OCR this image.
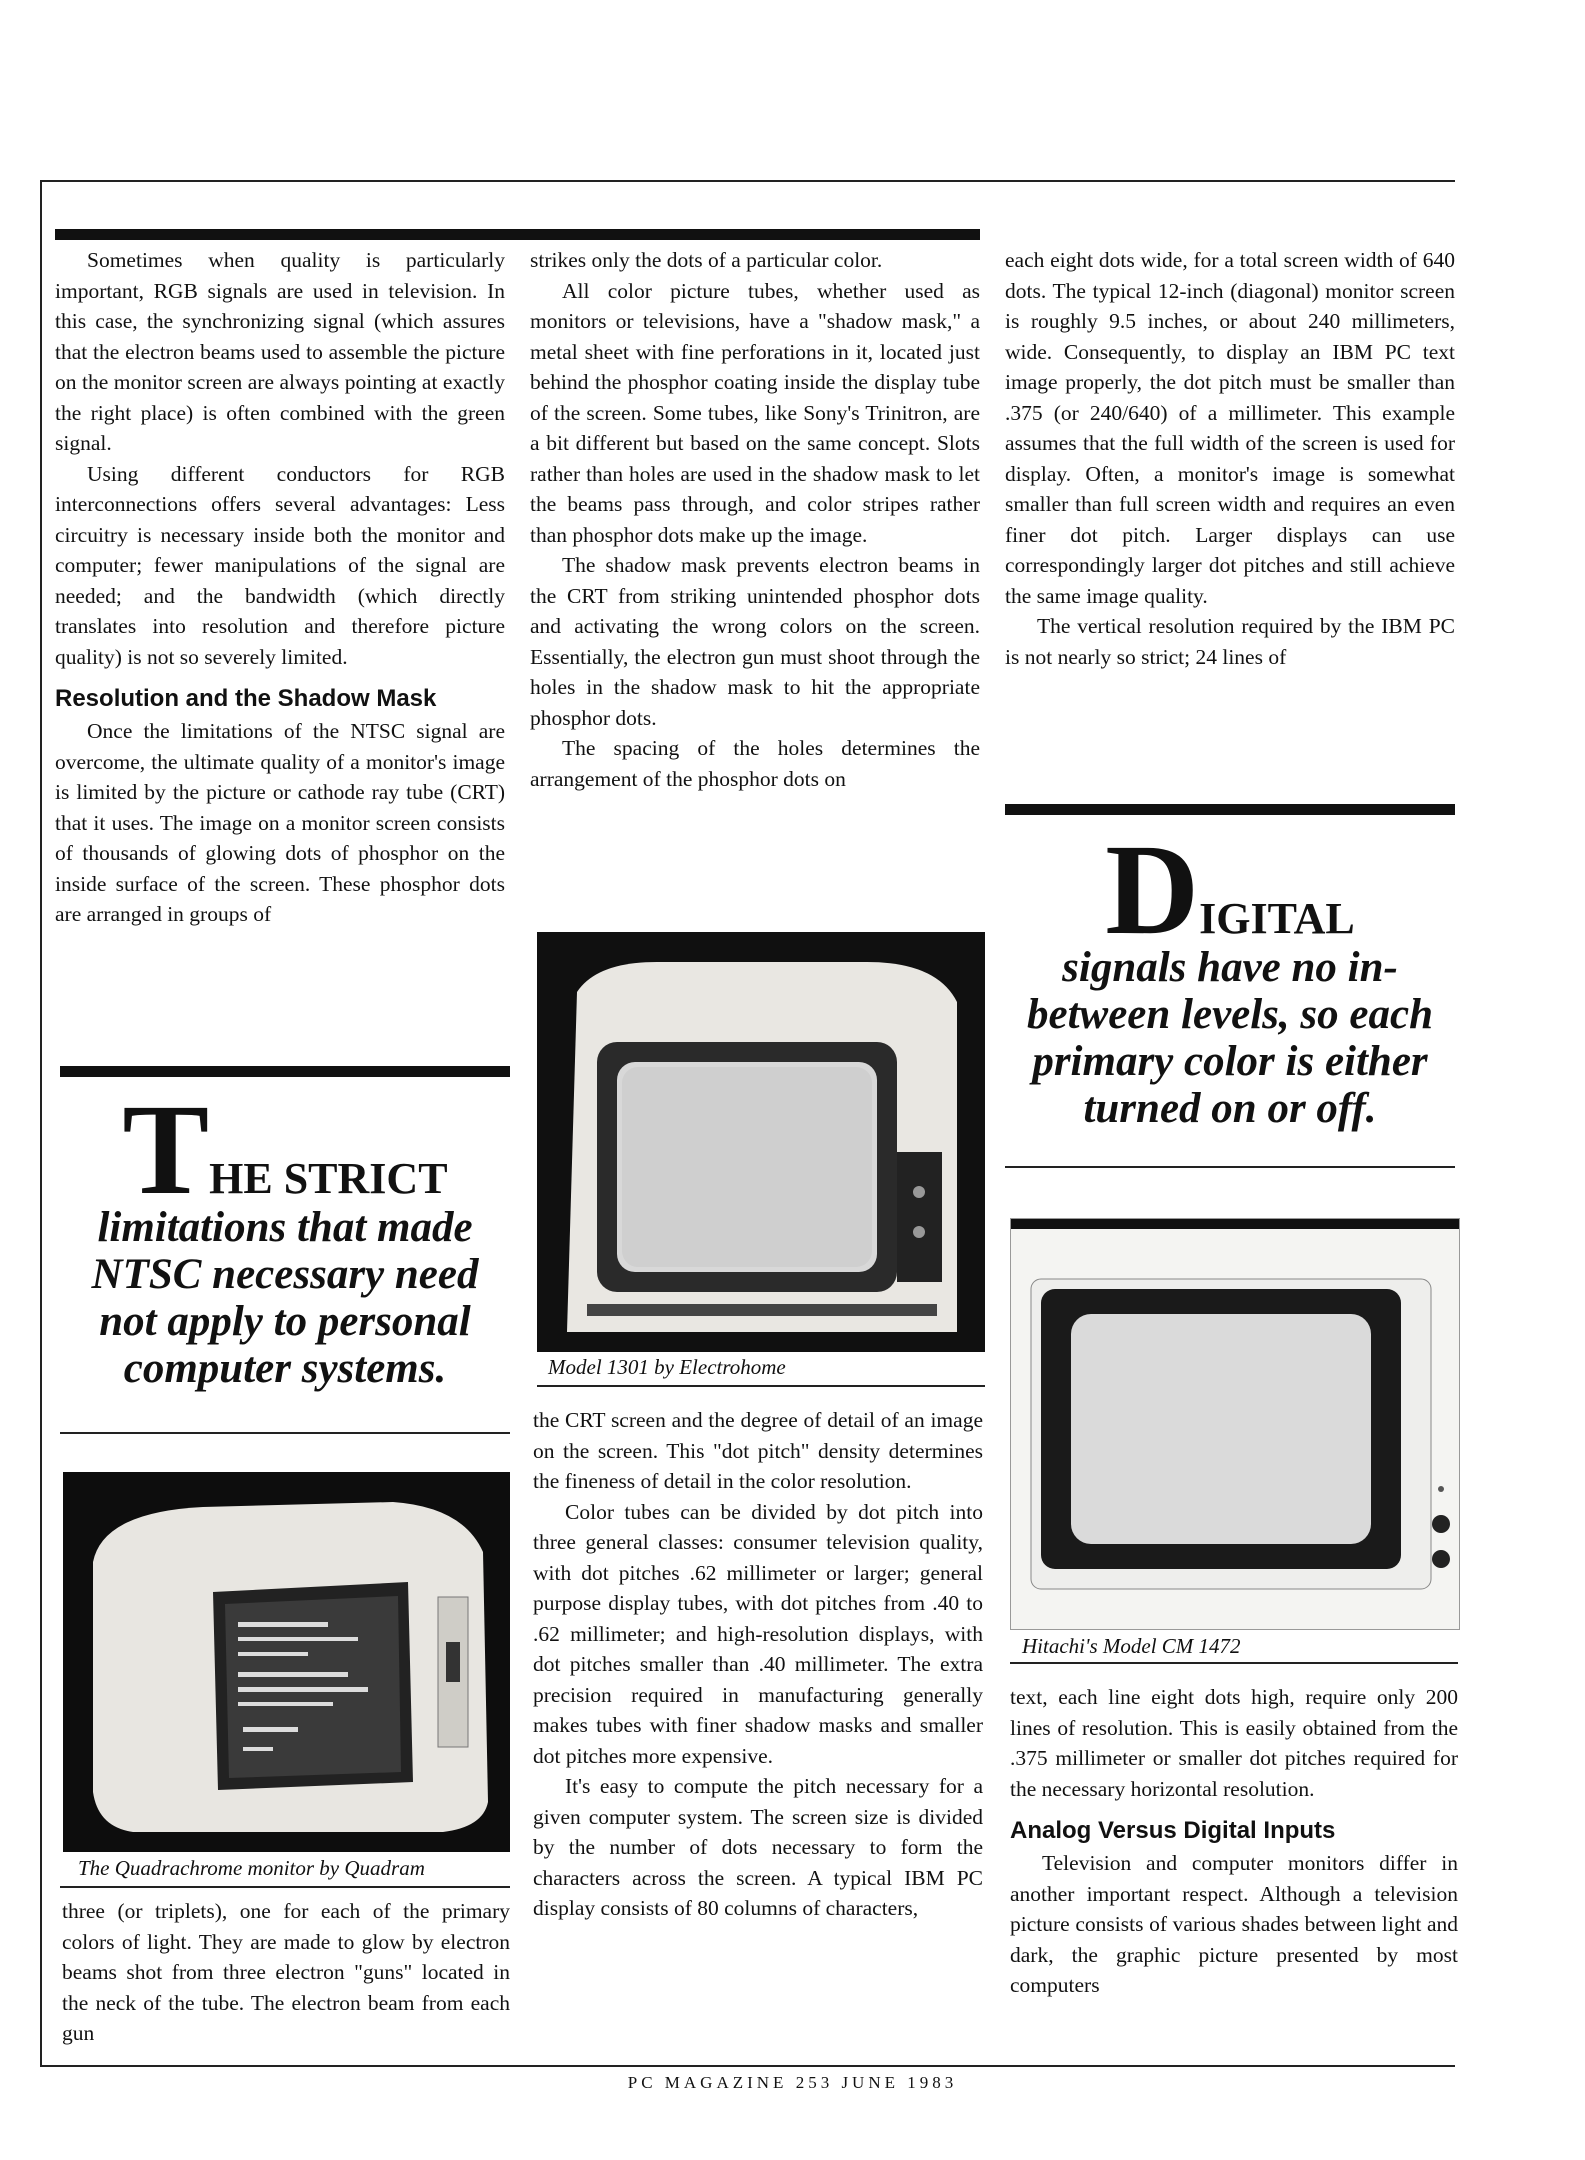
Sometimes when quality is particularly important, RGB signals are used in television. In this case, the synchronizing signal (which assures that the electron beams used to assemble the picture on the monitor screen are always pointing at exactly the right place) is often combined with the green signal.

Using different conductors for RGB interconnections offers several advantages: Less circuitry is necessary inside both the monitor and computer; fewer manipulations of the signal are needed; and the bandwidth (which directly translates into resolution and therefore picture quality) is not so severely limited.

Resolution and the Shadow Mask

Once the limitations of the NTSC signal are overcome, the ultimate quality of a monitor's image is limited by the picture or cathode ray tube (CRT) that it uses. The image on a monitor screen consists of thousands of glowing dots of phosphor on the inside surface of the screen. These phosphor dots are arranged in groups of

THE STRICT
limitations that made NTSC necessary need not apply to personal computer systems.
The Quadrachrome monitor by Quadram

three (or triplets), one for each of the primary colors of light. They are made to glow by electron beams shot from three electron "guns" located in the neck of the tube. The electron beam from each gun

strikes only the dots of a particular color.

All color picture tubes, whether used as monitors or televisions, have a "shadow mask," a metal sheet with fine perforations in it, located just behind the phosphor coating inside the display tube of the screen. Some tubes, like Sony's Trinitron, are a bit different but based on the same concept. Slots rather than holes are used in the shadow mask to let the beams pass through, and color stripes rather than phosphor dots make up the image.

The shadow mask prevents electron beams in the CRT from striking unintended phosphor dots and activating the wrong colors on the screen. Essentially, the electron gun must shoot through the holes in the shadow mask to hit the appropriate phosphor dots.

The spacing of the holes determines the arrangement of the phosphor dots on

Model 1301 by Electrohome

the CRT screen and the degree of detail of an image on the screen. This "dot pitch" density determines the fineness of detail in the color resolution.

Color tubes can be divided by dot pitch into three general classes: consumer television quality, with dot pitches .62 millimeter or larger; general purpose display tubes, with dot pitches from .40 to .62 millimeter; and high-resolution displays, with dot pitches smaller than .40 millimeter. The extra precision required in manufacturing generally makes tubes with finer shadow masks and smaller dot pitches more expensive.

It's easy to compute the pitch necessary for a given computer system. The screen size is divided by the number of dots necessary to form the characters across the screen. A typical IBM PC display consists of 80 columns of characters,

each eight dots wide, for a total screen width of 640 dots. The typical 12-inch (diagonal) monitor screen is roughly 9.5 inches, or about 240 millimeters, wide. Consequently, to display an IBM PC text image properly, the dot pitch must be smaller than .375 (or 240/640) of a millimeter. This example assumes that the full width of the screen is used for display. Often, a monitor's image is somewhat smaller than full screen width and requires an even finer dot pitch. Larger displays can use correspondingly larger dot pitches and still achieve the same image quality.

The vertical resolution required by the IBM PC is not nearly so strict; 24 lines of

DIGITAL
signals have no in-between levels, so each primary color is either turned on or off.
Hitachi's Model CM 1472

text, each line eight dots high, require only 200 lines of resolution. This is easily obtained from the .375 millimeter or smaller dot pitches required for the necessary horizontal resolution.

Analog Versus Digital Inputs

Television and computer monitors differ in another important respect. Although a television picture consists of various shades between light and dark, the graphic picture presented by most computers

PC MAGAZINE 253 JUNE 1983
